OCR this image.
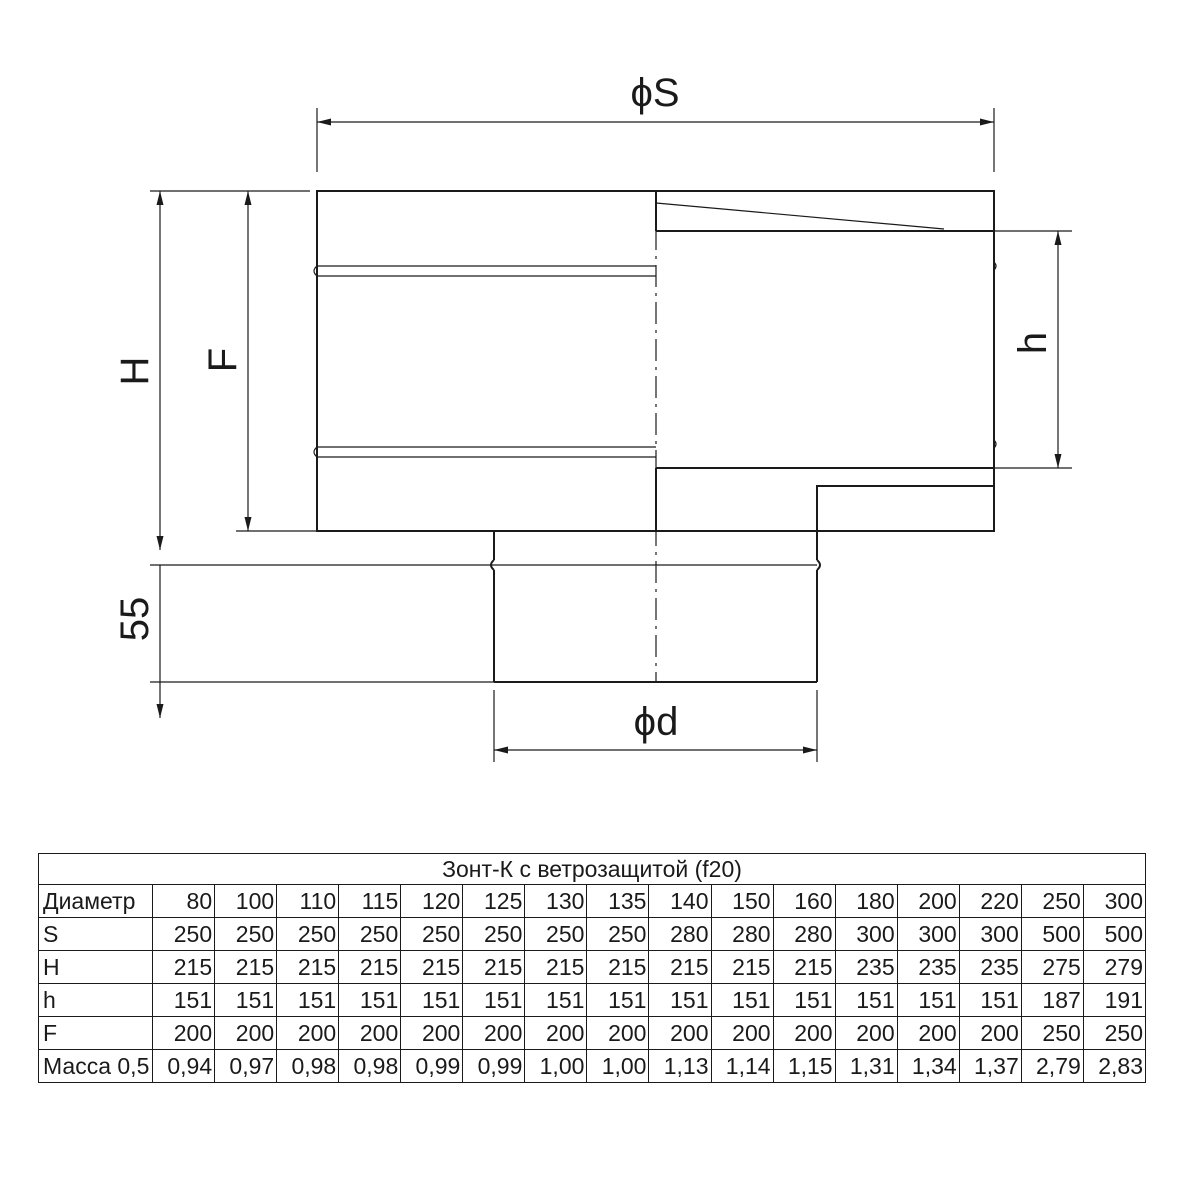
ϕS
H F
55
h
ϕd
Зонт-К с ветрозащитой (f20)																
Диаметр	80	100	110	115	120	125	130	135	140	150	160	180	200	220	250	300
S	250	250	250	250	250	250	250	250	280	280	280	300	300	300	500	500
H	215	215	215	215	215	215	215	215	215	215	215	235	235	235	275	279
h	151	151	151	151	151	151	151	151	151	151	151	151	151	151	187	191
F	200	200	200	200	200	200	200	200	200	200	200	200	200	200	250	250
Масса 0,5	0,94	0,97	0,98	0,98	0,99	0,99	1,00	1,00	1,13	1,14	1,15	1,31	1,34	1,37	2,79	2,83
